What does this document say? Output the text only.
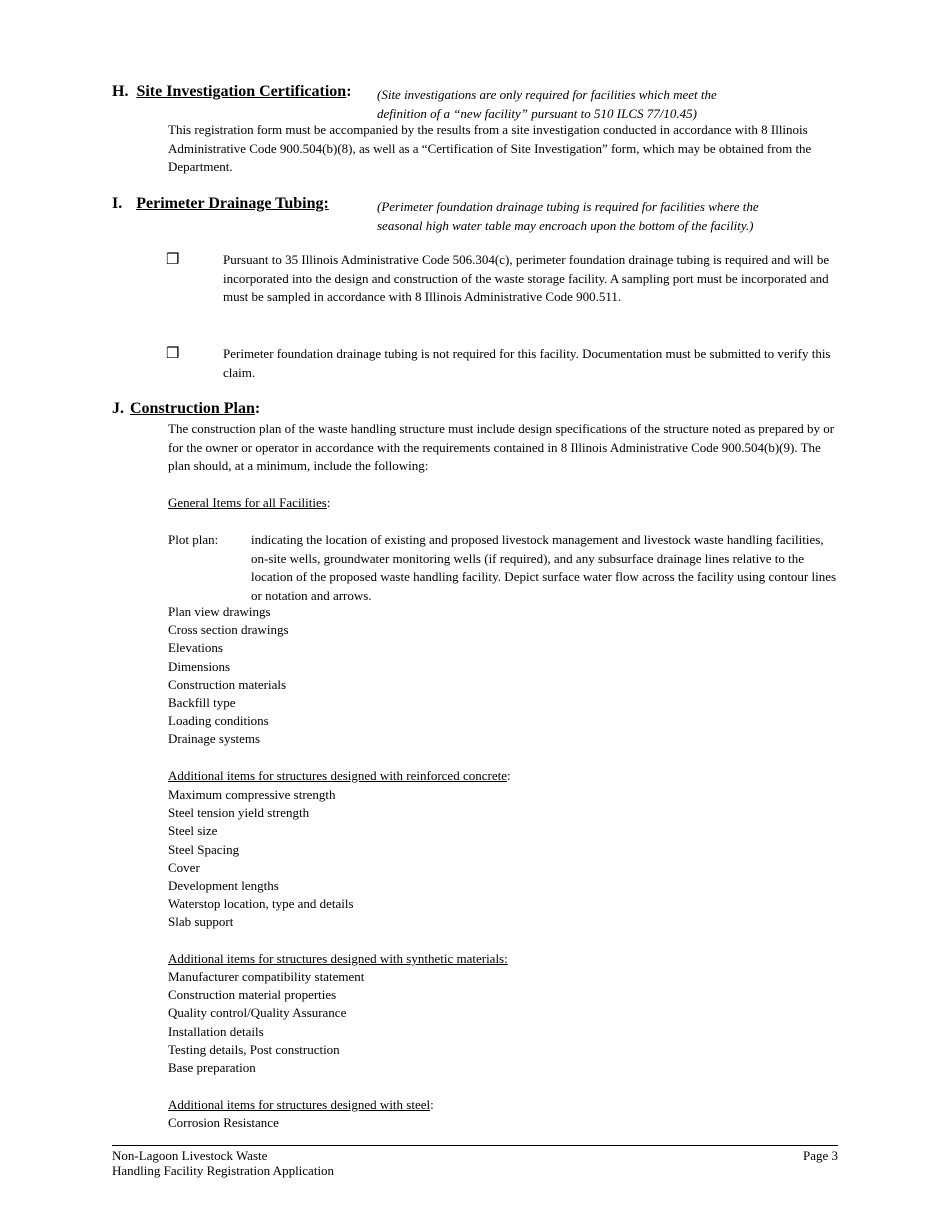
H. Site Investigation Certification: (Site investigations are only required for facilities which meet the
definition of a “new facility” pursuant to 510 ILCS 77/10.45)
This registration form must be accompanied by the results from a site investigation conducted in accordance with 8 Illinois Administrative Code 900.504(b)(8), as well as a “Certification of Site Investigation” form, which may be obtained from the Department.
I. Perimeter Drainage Tubing:	(Perimeter foundation drainage tubing is required for facilities where the
seasonal high water table may encroach upon the bottom of the facility.)
❒	Pursuant to 35 Illinois Administrative Code 506.304(c), perimeter foundation drainage tubing is required and will be incorporated into the design and construction of the waste storage facility. A sampling port must be incorporated and must be sampled in accordance with 8 Illinois Administrative Code 900.511.
❒	Perimeter foundation drainage tubing is not required for this facility. Documentation must be submitted to verify this claim.
J. Construction Plan:
The construction plan of the waste handling structure must include design specifications of the structure noted as prepared by or for the owner or operator in accordance with the requirements contained in 8 Illinois Administrative Code 900.504(b)(9). The plan should, at a minimum, include the following:
General Items for all Facilities:
Plot plan:	indicating the location of existing and proposed livestock management and livestock waste handling facilities, on-site wells, groundwater monitoring wells (if required), and any subsurface drainage lines relative to the location of the proposed waste handling facility. Depict surface water flow across the facility using contour lines or notation and arrows.
Plan view drawings
Cross section drawings
Elevations
Dimensions
Construction materials
Backfill type
Loading conditions
Drainage systems
Additional items for structures designed with reinforced concrete:
Maximum compressive strength
Steel tension yield strength
Steel size
Steel Spacing
Cover
Development lengths
Waterstop location, type and details
Slab support
Additional items for structures designed with synthetic materials:
Manufacturer compatibility statement
Construction material properties
Quality control/Quality Assurance
Installation details
Testing details, Post construction
Base preparation
Additional items for structures designed with steel:
Corrosion Resistance
Non-Lagoon Livestock Waste
Handling Facility Registration Application
Page 3
